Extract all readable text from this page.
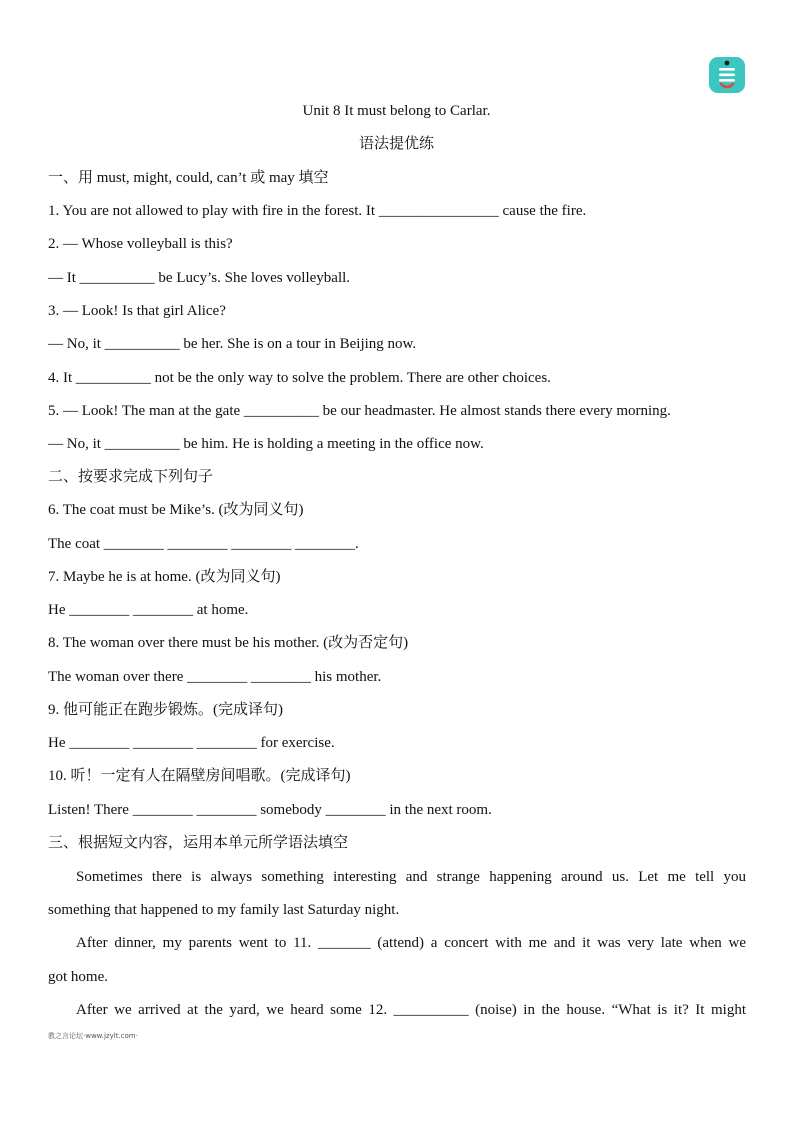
Unit 8 It must belong to Carlar.
语法提优练
一、用 must, might, could, can’t 或 may 填空
1. You are not allowed to play with fire in the forest. It ________________ cause the fire.
2. — Whose volleyball is this?
— It __________ be Lucy’s. She loves volleyball.
3. — Look! Is that girl Alice?
— No, it __________ be her. She is on a tour in Beijing now.
4. It __________ not be the only way to solve the problem. There are other choices.
5. — Look! The man at the gate __________ be our headmaster. He almost stands there every morning.
— No, it __________ be him. He is holding a meeting in the office now.
二、按要求完成下列句子
6. The coat must be Mike’s. (改为同义句)
The coat ________ ________ ________ ________.
7. Maybe he is at home. (改为同义句)
He ________ ________ at home.
8. The woman over there must be his mother. (改为否定句)
The woman over there ________ ________ his mother.
9. 他可能正在跑步锻炼。(完成译句)
He ________ ________ ________ for exercise.
10. 听！一定有人在隔壁房间唱歌。(完成译句)
Listen! There ________ ________ somebody ________ in the next room.
三、根据短文内容，运用本单元所学语法填空
Sometimes there is always something interesting and strange happening around us. Let me tell you
something that happened to my family last Saturday night.
After dinner, my parents went to 11. _______ (attend) a concert with me and it was very late when we
got home.
After we arrived at the yard, we heard some 12. __________ (noise) in the house. “What is it? It might
教之言论坛·www.jzylt.com·
